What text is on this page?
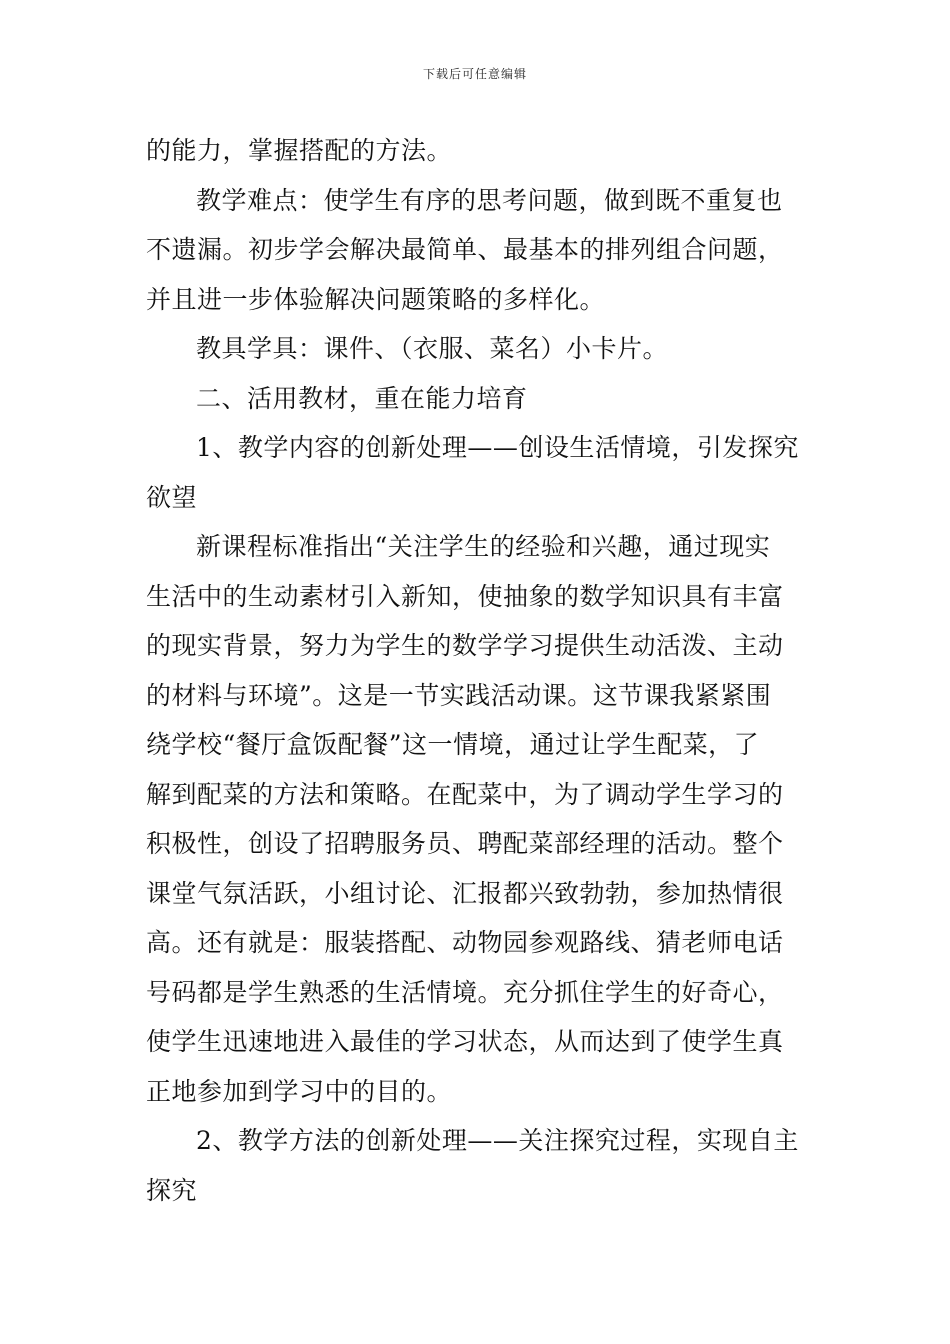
下载后可任意编辑
的能力，掌握搭配的方法。
教学难点：使学生有序的思考问题，做到既不重复也
不遗漏。初步学会解决最简单、最基本的排列组合问题，
并且进一步体验解决问题策略的多样化。
教具学具：课件、（衣服、菜名）小卡片。
二、活用教材，重在能力培育
1、教学内容的创新处理——创设生活情境，引发探究
欲望
新课程标准指出“关注学生的经验和兴趣，通过现实
生活中的生动素材引入新知，使抽象的数学知识具有丰富
的现实背景，努力为学生的数学学习提供生动活泼、主动
的材料与环境”。这是一节实践活动课。这节课我紧紧围
绕学校“餐厅盒饭配餐”这一情境，通过让学生配菜，了
解到配菜的方法和策略。在配菜中，为了调动学生学习的
积极性，创设了招聘服务员、聘配菜部经理的活动。整个
课堂气氛活跃，小组讨论、汇报都兴致勃勃，参加热情很
高。还有就是：服装搭配、动物园参观路线、猜老师电话
号码都是学生熟悉的生活情境。充分抓住学生的好奇心，
使学生迅速地进入最佳的学习状态，从而达到了使学生真
正地参加到学习中的目的。
2、教学方法的创新处理——关注探究过程，实现自主
探究
